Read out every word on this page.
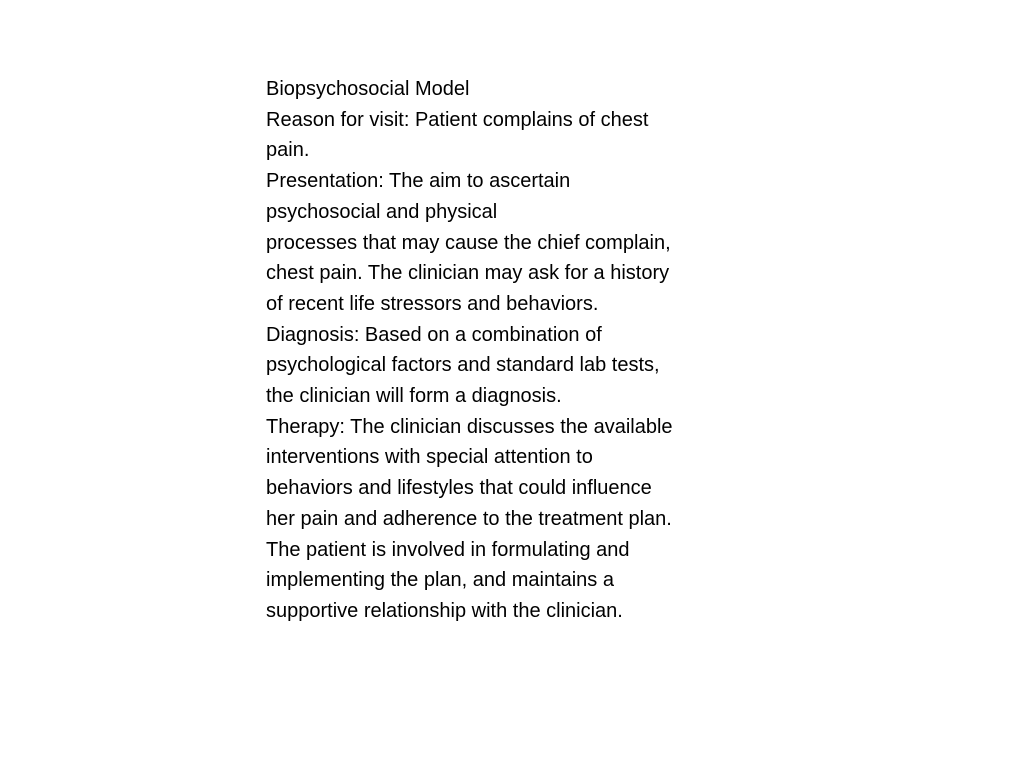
Biopsychosocial Model
Reason for visit: Patient complains of chest
pain.
Presentation: The aim to ascertain
psychosocial and physical
processes that may cause the chief complain,
chest pain. The clinician may ask for a history
of recent life stressors and behaviors.
Diagnosis: Based on a combination of
psychological factors and standard lab tests,
the clinician will form a diagnosis.
Therapy: The clinician discusses the available
interventions with special attention to
behaviors and lifestyles that could influence
her pain and adherence to the treatment plan.
The patient is involved in formulating and
implementing the plan, and maintains a
supportive relationship with the clinician.
